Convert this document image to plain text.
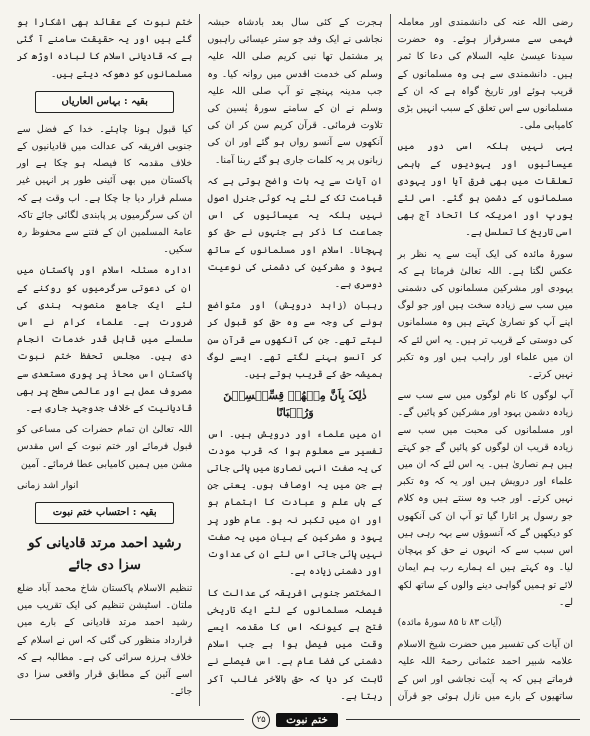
رضی اللہ عنہ کی دانشمندی اور معاملہ فہمی سے مسرفراز ہوئے۔ وہ حضرت سیدنا عیسیٰ علیہ السلام کی دعا کا ثمر ہیں۔ دانشمندی سے ہی وہ مسلمانوں کے قریب ہوئے اور تاریخ گواہ ہے کہ ان کے مسلمانوں سے اس تعلق کے سبب انہیں بڑی کامیابی ملی۔

یہی نہیں بلکہ اسی دور میں عیسائیوں اور یہودیوں کے باہمی تعلقات میں بھی فرق آیا اور یہودی مسلمانوں کے دشمن ہو گئے۔ اسی لئے یورپ اور امریکہ کا اتحاد آج بھی اسی تاریخ کا تسلسل ہے۔

سورۂ مائدہ کی ایک آیت سے یہ نظر بر عکس لگتا ہے۔ اللہ تعالیٰ فرماتا ہے کہ یہودی اور مشرکین مسلمانوں کی دشمنی میں سب سے زیادہ سخت ہیں اور جو لوگ اپنے آپ کو نصاریٰ کہتے ہیں وہ مسلمانوں کی دوستی کے قریب تر ہیں۔ یہ اس لئے کہ ان میں علماء اور راہب ہیں اور وہ تکبر نہیں کرتے۔

آپ لوگوں کا نام لوگوں میں سے سب سے زیادہ دشمن یہود اور مشرکین کو پائیں گے۔ اور مسلمانوں کی محبت میں سب سے زیادہ قریب ان لوگوں کو پائیں گے جو کہتے ہیں ہم نصاریٰ ہیں۔ یہ اس لئے کہ ان میں علماء اور درویش ہیں اور یہ کہ وہ تکبر نہیں کرتے۔ اور جب وہ سنتے ہیں وہ کلام جو رسول پر اتارا گیا تو آپ ان کی آنکھوں کو دیکھیں گے کہ آنسوؤں سے بہہ رہی ہیں اس سبب سے کہ انہوں نے حق کو پہچان لیا۔ وہ کہتے ہیں اے ہمارے رب ہم ایمان لائے تو ہمیں گواہی دینے والوں کے ساتھ لکھ لے۔

(آیات ۸۳ تا ۸۵ سورۂ مائدہ)

ان آیات کی تفسیر میں حضرت شیخ الاسلام علامہ شبیر احمد عثمانی رحمۃ اللہ علیہ فرماتے ہیں کہ یہ آیت نجاشی اور اس کے ساتھیوں کے بارے میں نازل ہوئی جو قرآن

ہجرت کے کئی سال بعد بادشاہ حبشہ نجاشی نے ایک وفد جو ستر عیسائی راہبوں پر مشتمل تھا نبی کریم صلی اللہ علیہ وسلم کی خدمت اقدس میں روانہ کیا۔ وہ جب مدینہ پہنچے تو آپ صلی اللہ علیہ وسلم نے ان کے سامنے سورۂ یٰسین کی تلاوت فرمائی۔ قرآن کریم سن کر ان کی آنکھوں سے آنسو رواں ہو گئے اور ان کی زبانوں پر یہ کلمات جاری ہو گئے ربنا آمنا۔

ان آیات سے یہ بات واضح ہوتی ہے کہ قیامت تک کے لئے یہ کوئی جنرل اصول نہیں بلکہ یہ عیسائیوں کی اس جماعت کا ذکر ہے جنہوں نے حق کو پہچانا۔ اسلام اور مسلمانوں کے ساتھ یہود و مشرکین کی دشمنی کی نوعیت دوسری ہے۔

رہبان (زاہد درویش) اور متواضع ہونے کی وجہ سے وہ حق کو قبول کر لیتے تھے۔ جن کی آنکھوں سے قرآن سن کر آنسو بہنے لگتے تھے۔ ایسے لوگ ہمیشہ حق کے قریب ہوتے ہیں۔

ذٰلِکَ بِاَنَّ مِنۡهُمۡ قِسِّیۡسِیۡنَ وَرُهۡبَانًا

ان میں علماء اور درویش ہیں۔ اس تفسیر سے معلوم ہوا کہ قرب مودت کی یہ صفت انہی نصاریٰ میں پائی جاتی ہے جن میں یہ اوصاف ہوں۔ یعنی جن کے ہاں علم و عبادت کا اہتمام ہو اور ان میں تکبر نہ ہو۔ عام طور پر یہود و مشرکین کے بیان میں یہ صفت نہیں پائی جاتی اس لئے ان کی عداوت اور دشمنی زیادہ ہے۔

المختصر جنوبی افریقہ کی عدالت کا فیصلہ مسلمانوں کے لئے ایک تاریخی فتح ہے کیونکہ اس کا مقدمہ ایسے وقت میں فیصل ہوا ہے جب اسلام دشمنی کی فضا عام ہے۔ اس فیصلے نے ثابت کر دیا کہ حق بالآخر غالب آکر رہتا ہے۔

ختم نبوت کے عقائد بھی اشکارا ہو گئے ہیں اور یہ حقیقت سامنے آ گئی ہے کہ قادیانی اسلام کا لبادہ اوڑھ کر مسلمانوں کو دھوکہ دیتے ہیں۔

بقیہ : بہاس العاریاں

کیا قبول ہونا چاہئے۔ خدا کے فضل سے جنوبی افریقہ کی عدالت میں قادیانیوں کے خلاف مقدمہ کا فیصلہ ہو چکا ہے اور پاکستان میں بھی آئینی طور پر انہیں غیر مسلم قرار دیا جا چکا ہے۔ اب وقت ہے کہ ان کی سرگرمیوں پر پابندی لگائی جائے تاکہ عامۃ المسلمین ان کے فتنے سے محفوظ رہ سکیں۔

ادارہ مسئلہ اسلام اور پاکستان میں ان کی دعوتی سرگرمیوں کو روکنے کے لئے ایک جامع منصوبہ بندی کی ضرورت ہے۔ علماء کرام نے اس سلسلے میں قابل قدر خدمات انجام دی ہیں۔ مجلس تحفظ ختم نبوت پاکستان اس محاذ پر پوری مستعدی سے مصروف عمل ہے اور عالمی سطح پر بھی قادیانیت کے خلاف جدوجہد جاری ہے۔

اللہ تعالیٰ ان تمام حضرات کی مساعی کو قبول فرمائے اور ختم نبوت کے اس مقدس مشن میں ہمیں کامیابی عطا فرمائے۔ آمین

انوار اشد زمانی

بقیہ : احتساب ختم نبوت
رشید احمد مرتد قادیانی کو سزا دی جائے

تنظیم الاسلام پاکستان شاخ محمد آباد ضلع ملتان۔ اسٹیشن تنظیم کی ایک تقریب میں رشید احمد مرتد قادیانی کے بارے میں قرارداد منظور کی گئی کہ اس نے اسلام کے خلاف ہرزہ سرائی کی ہے۔ مطالبہ ہے کہ اسے آئین کے مطابق قرار واقعی سزا دی جائے۔

۲۵	ختم نبوت
